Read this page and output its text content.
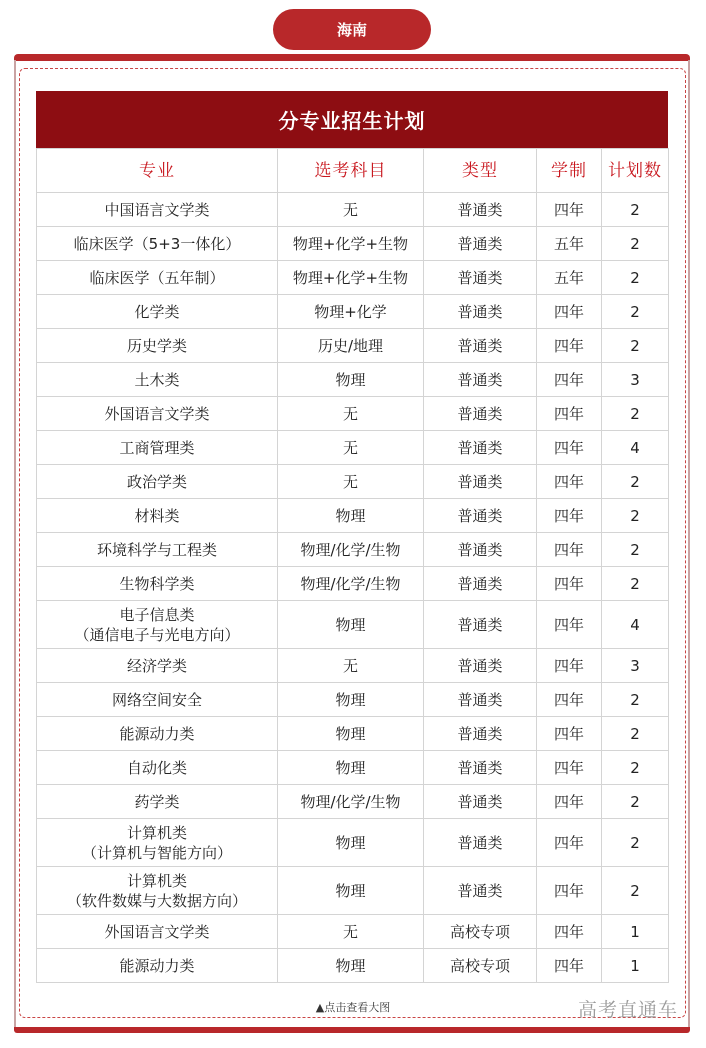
海南
分专业招生计划
专业	选考科目	类型	学制	计划数

中国语言文学类	无	普通类	四年	2

临床医学（5+3一体化）	物理+化学+生物	普通类	五年	2

临床医学（五年制）	物理+化学+生物	普通类	五年	2

化学类	物理+化学	普通类	四年	2

历史学类	历史/地理	普通类	四年	2

土木类	物理	普通类	四年	3

外国语言文学类	无	普通类	四年	2

工商管理类	无	普通类	四年	4

政治学类	无	普通类	四年	2

材料类	物理	普通类	四年	2

环境科学与工程类	物理/化学/生物	普通类	四年	2

生物科学类	物理/化学/生物	普通类	四年	2

电子信息类
（通信电子与光电方向）	物理	普通类	四年	4

经济学类	无	普通类	四年	3

网络空间安全	物理	普通类	四年	2

能源动力类	物理	普通类	四年	2

自动化类	物理	普通类	四年	2

药学类	物理/化学/生物	普通类	四年	2

计算机类
（计算机与智能方向）	物理	普通类	四年	2

计算机类
（软件数媒与大数据方向）	物理	普通类	四年	2

外国语言文学类	无	高校专项	四年	1

能源动力类	物理	高校专项	四年	1
▲点击查看大图	高考直通车
